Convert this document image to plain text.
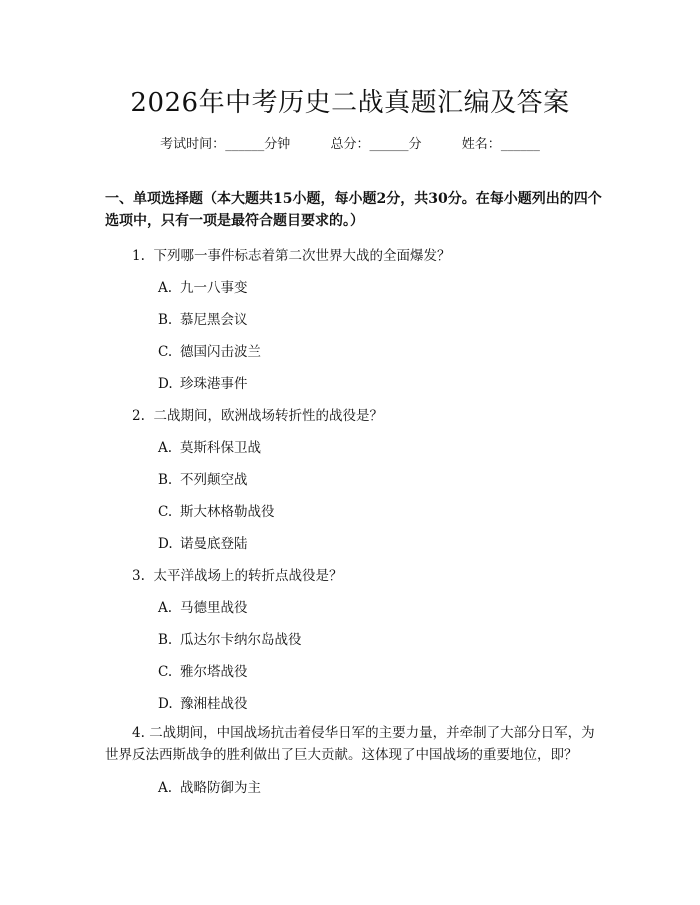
2026年中考历史二战真题汇编及答案
考试时间：______分钟	总分：______分	姓名：______
一、单项选择题（本大题共15小题，每小题2分，共30分。在每小题列出的四个选项中，只有一项是最符合题目要求的。）
1. 下列哪一事件标志着第二次世界大战的全面爆发？
A. 九一八事变
B. 慕尼黑会议
C. 德国闪击波兰
D. 珍珠港事件
2. 二战期间，欧洲战场转折性的战役是？
A. 莫斯科保卫战
B. 不列颠空战
C. 斯大林格勒战役
D. 诺曼底登陆
3. 太平洋战场上的转折点战役是？
A. 马德里战役
B. 瓜达尔卡纳尔岛战役
C. 雅尔塔战役
D. 豫湘桂战役
4. 二战期间，中国战场抗击着侵华日军的主要力量，并牵制了大部分日军，为世界反法西斯战争的胜利做出了巨大贡献。这体现了中国战场的重要地位，即？
A. 战略防御为主
